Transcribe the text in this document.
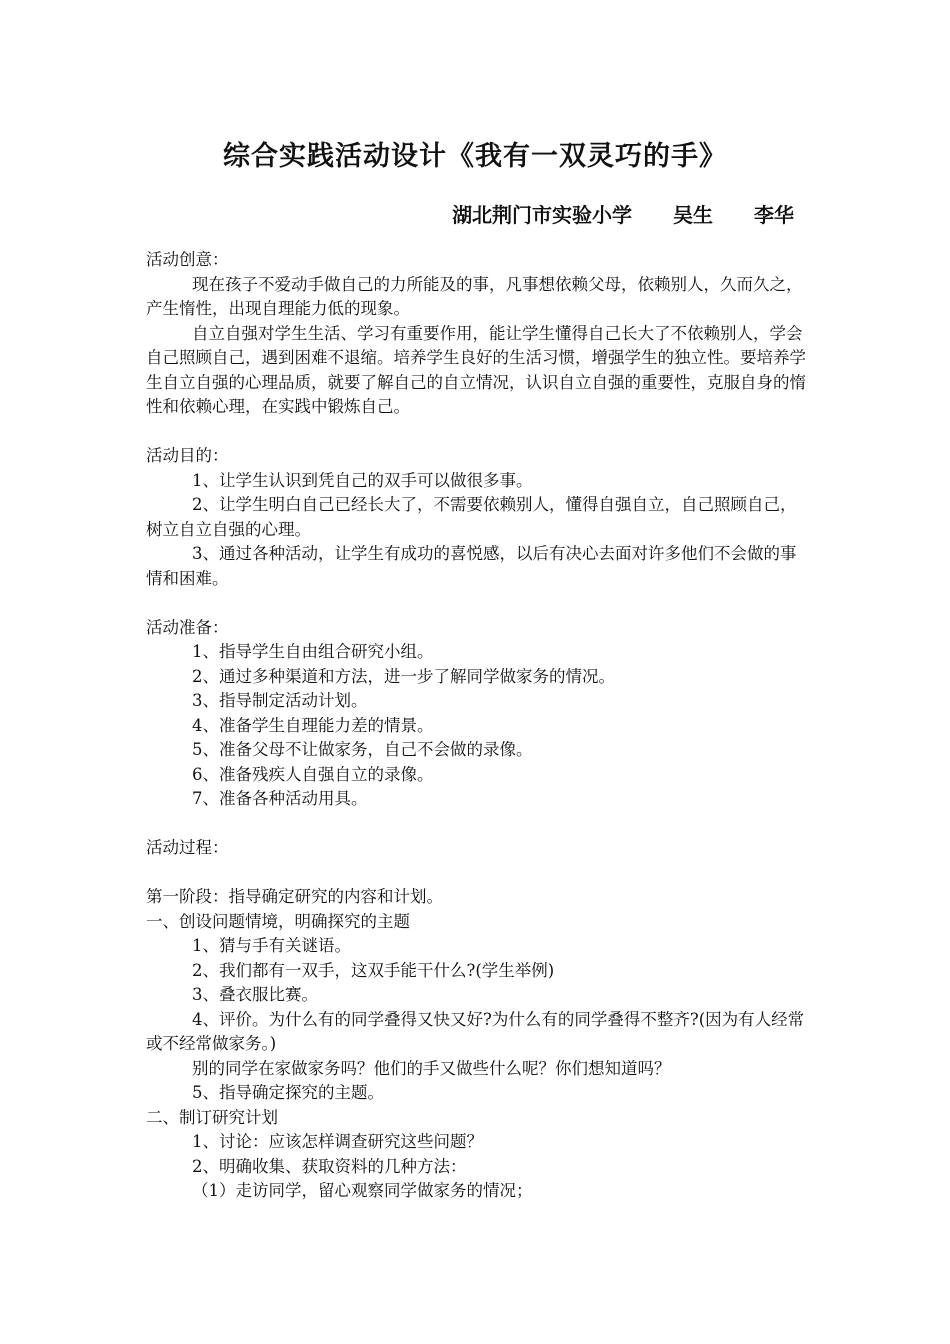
综合实践活动设计《我有一双灵巧的手》
湖北荆门市实验小学 吴生 李华

活动创意：

现在孩子不爱动手做自己的力所能及的事，凡事想依赖父母，依赖别人，久而久之，产生惰性，出现自理能力低的现象。

自立自强对学生生活、学习有重要作用，能让学生懂得自己长大了不依赖别人，学会自己照顾自己，遇到困难不退缩。培养学生良好的生活习惯，增强学生的独立性。要培养学生自立自强的心理品质，就要了解自己的自立情况，认识自立自强的重要性，克服自身的惰性和依赖心理，在实践中锻炼自己。

活动目的：

1、让学生认识到凭自己的双手可以做很多事。

2、让学生明白自己已经长大了，不需要依赖别人，懂得自强自立，自己照顾自己，树立自立自强的心理。

3、通过各种活动，让学生有成功的喜悦感，以后有决心去面对许多他们不会做的事情和困难。

活动准备：

1、指导学生自由组合研究小组。

2、通过多种渠道和方法，进一步了解同学做家务的情况。

3、指导制定活动计划。

4、准备学生自理能力差的情景。

5、准备父母不让做家务，自己不会做的录像。

6、准备残疾人自强自立的录像。

7、准备各种活动用具。

活动过程：

第一阶段：指导确定研究的内容和计划。

一、创设问题情境，明确探究的主题

1、猜与手有关谜语。

2、我们都有一双手，这双手能干什么?(学生举例)

3、叠衣服比赛。

4、评价。为什么有的同学叠得又快又好?为什么有的同学叠得不整齐?(因为有人经常或不经常做家务。)

别的同学在家做家务吗？他们的手又做些什么呢？你们想知道吗？

5、指导确定探究的主题。

二、制订研究计划

1、讨论：应该怎样调查研究这些问题？

2、明确收集、获取资料的几种方法：

（1）走访同学，留心观察同学做家务的情况；
